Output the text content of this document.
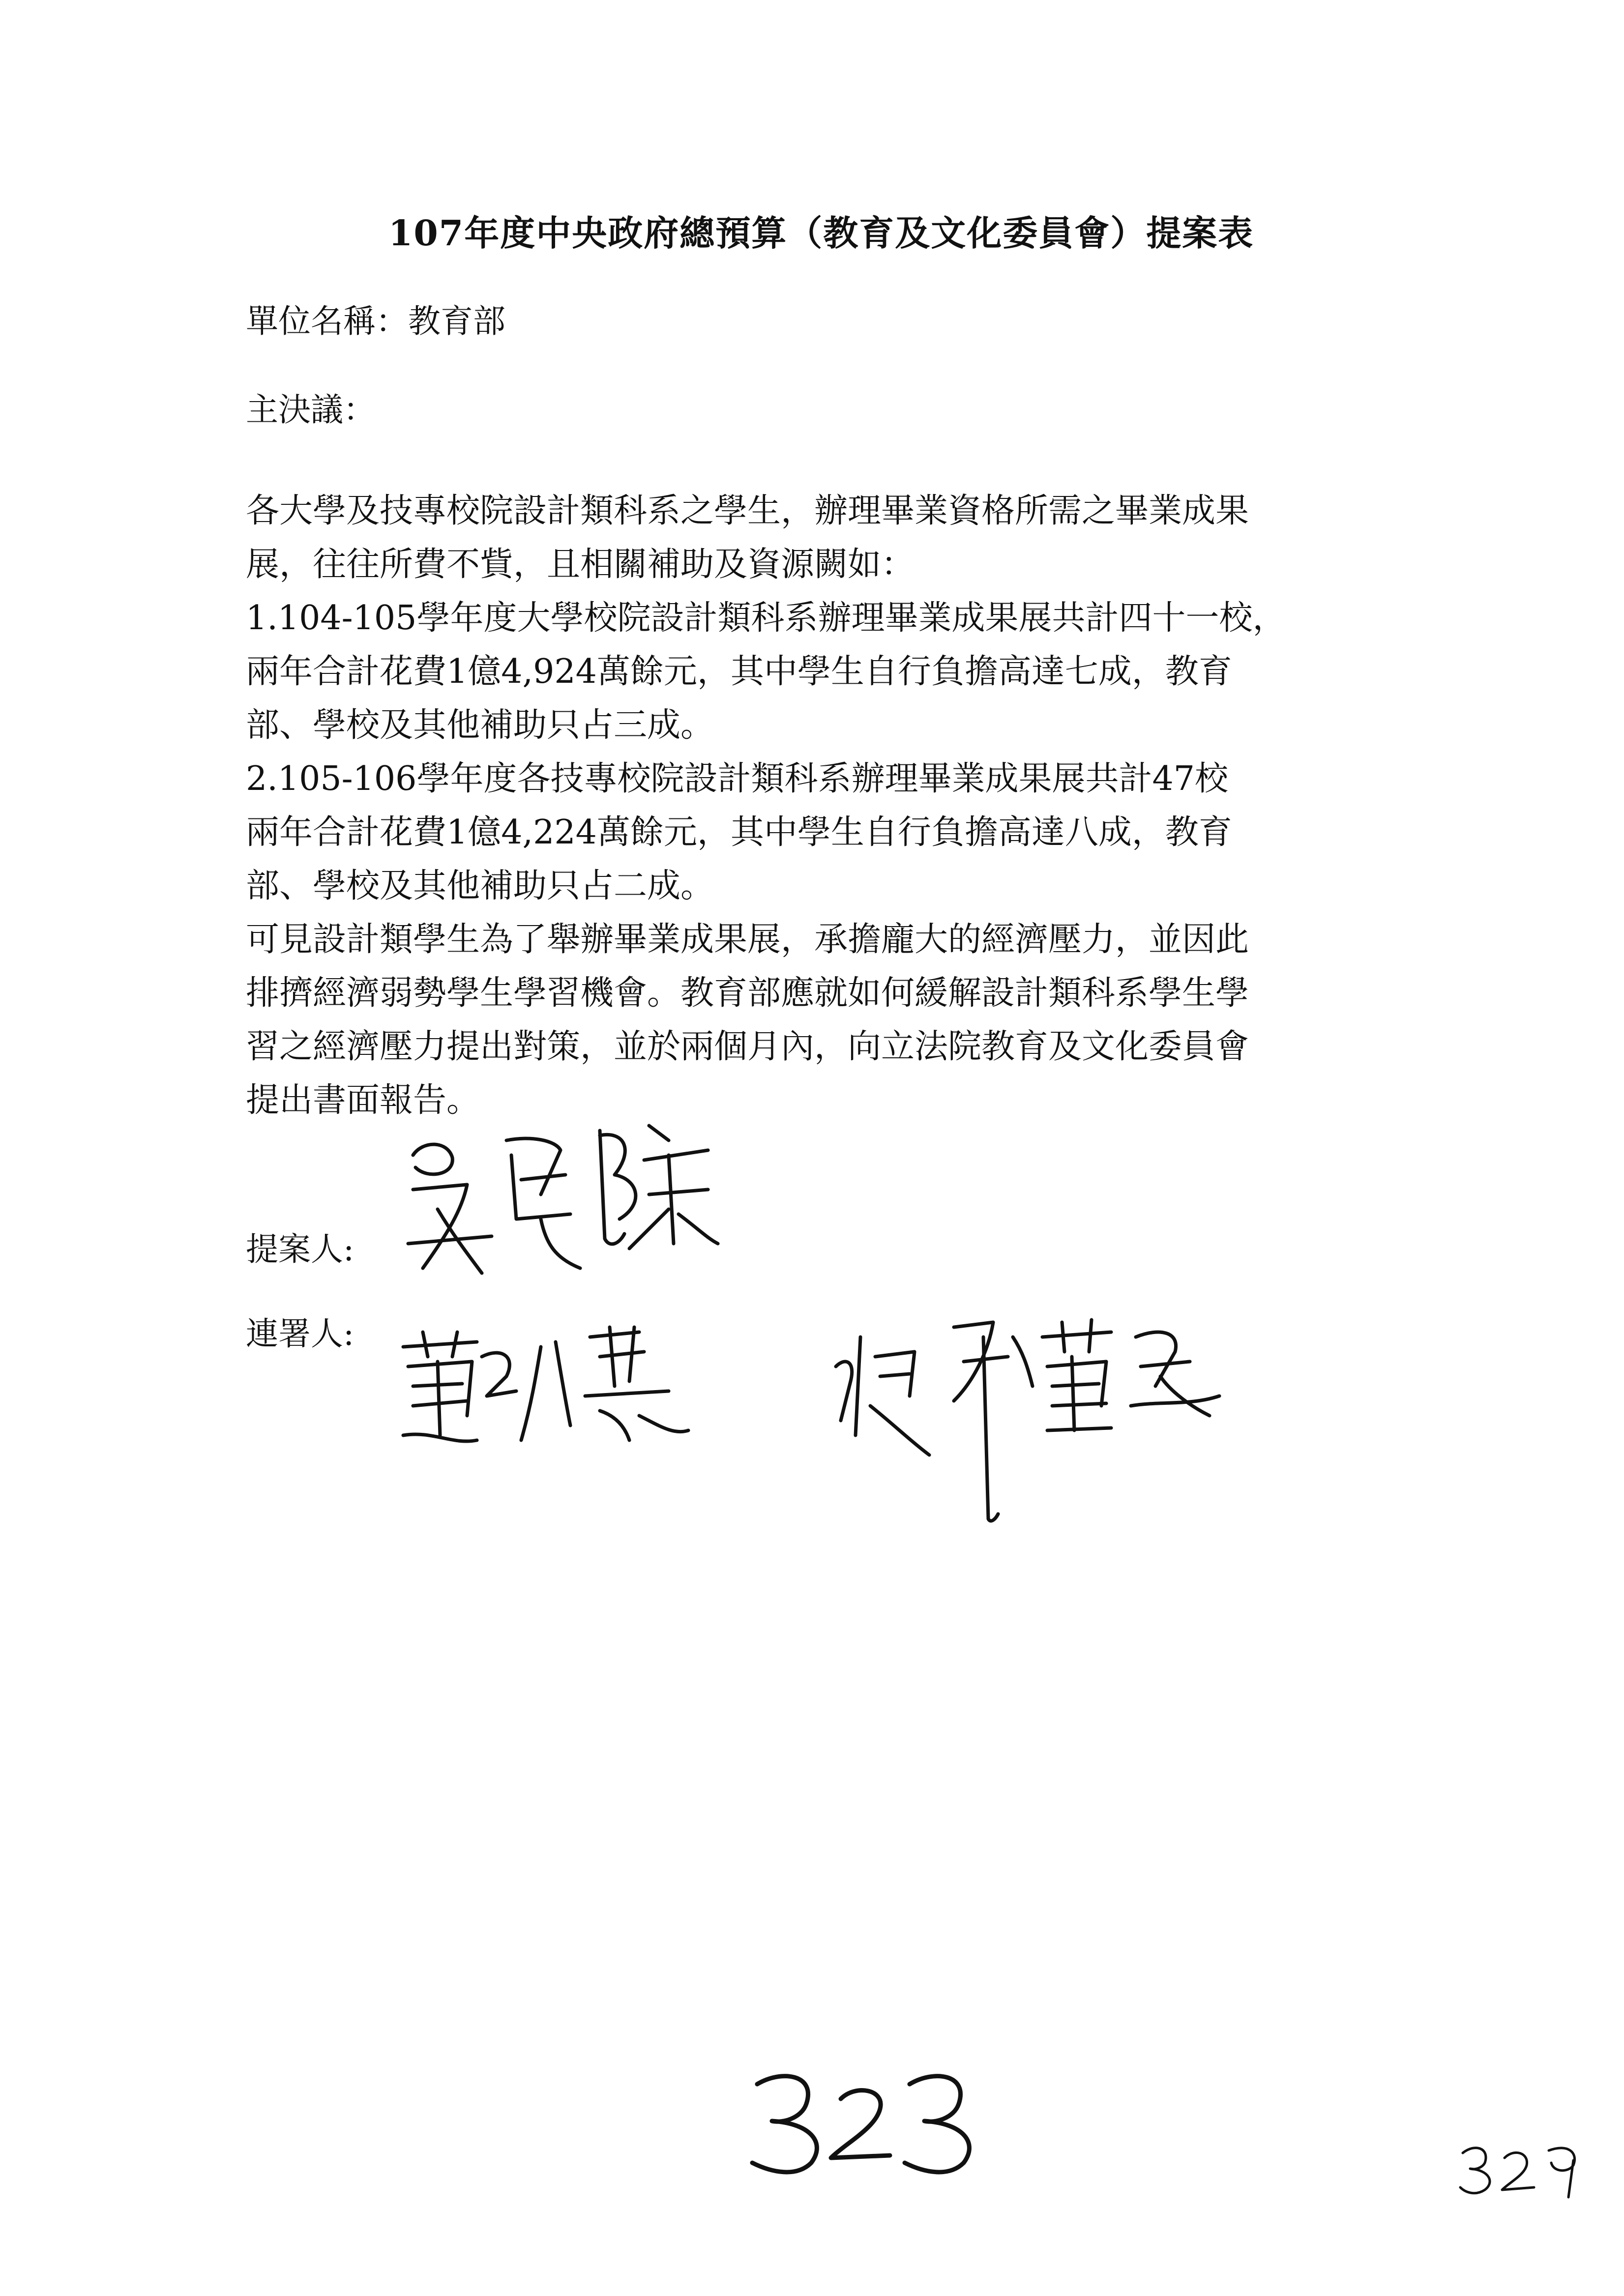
107年度中央政府總預算（教育及文化委員會）提案表
單位名稱：教育部
主決議：
各大學及技專校院設計類科系之學生，辦理畢業資格所需之畢業成果
展，往往所費不貲，且相關補助及資源闕如：
1.104-105學年度大學校院設計類科系辦理畢業成果展共計四十一校，
兩年合計花費1億4,924萬餘元，其中學生自行負擔高達七成，教育
部、學校及其他補助只占三成。
2.105-106學年度各技專校院設計類科系辦理畢業成果展共計47校
兩年合計花費1億4,224萬餘元，其中學生自行負擔高達八成，教育
部、學校及其他補助只占二成。
可見設計類學生為了舉辦畢業成果展，承擔龐大的經濟壓力，並因此
排擠經濟弱勢學生學習機會。教育部應就如何緩解設計類科系學生學
習之經濟壓力提出對策，並於兩個月內，向立法院教育及文化委員會
提出書面報告。
提案人:
連署人:
